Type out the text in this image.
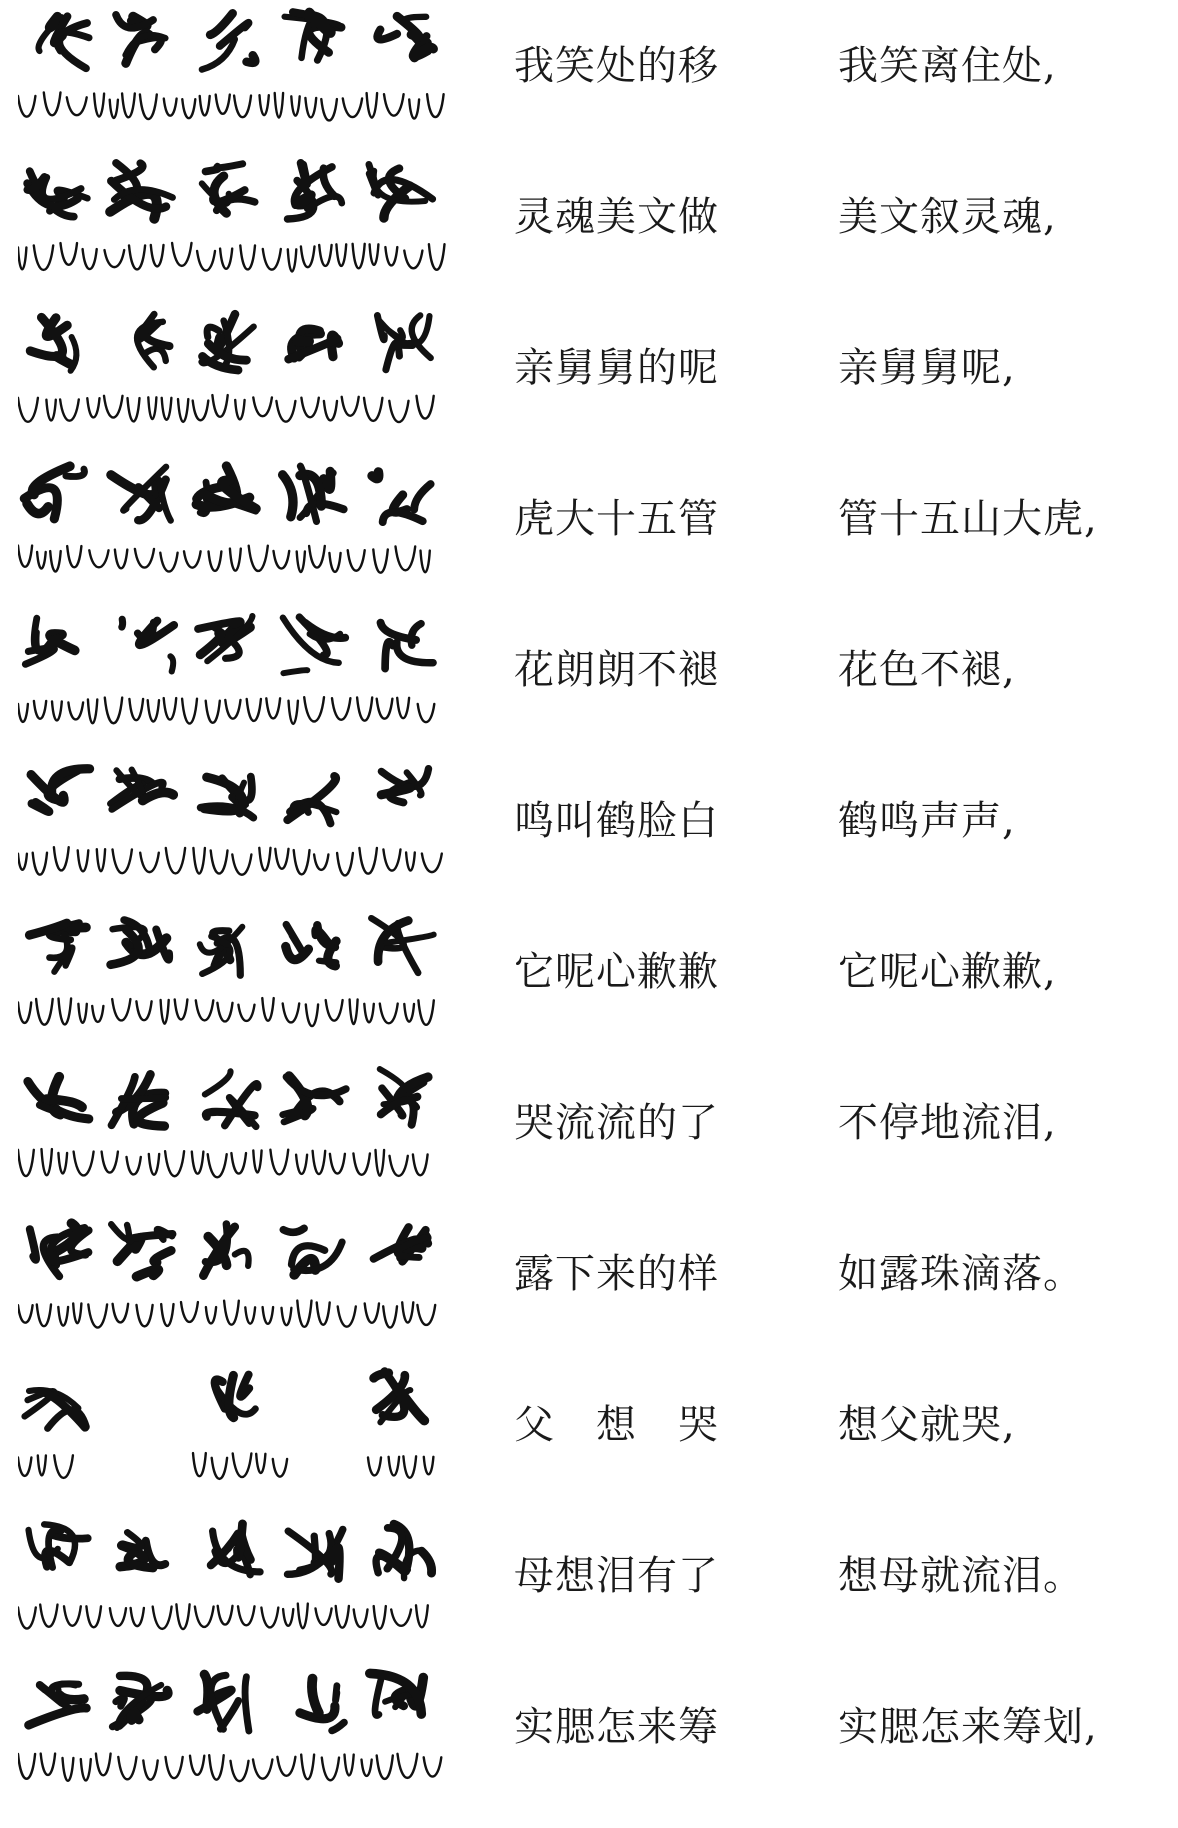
我笑处的移	我笑离住处,
灵魂美文做	美文叙灵魂,
亲舅舅的呢	亲舅舅呢,
虎大十五管	管十五山大虎,
花朗朗不褪	花色不褪,
鸣叫鹤脸白	鹤鸣声声,
它呢心歉歉	它呢心歉歉,
哭流流的了	不停地流泪,
露下来的样	如露珠滴落。
父　想　哭	想父就哭,
母想泪有了	想母就流泪。
实腮怎来筹	实腮怎来筹划,
